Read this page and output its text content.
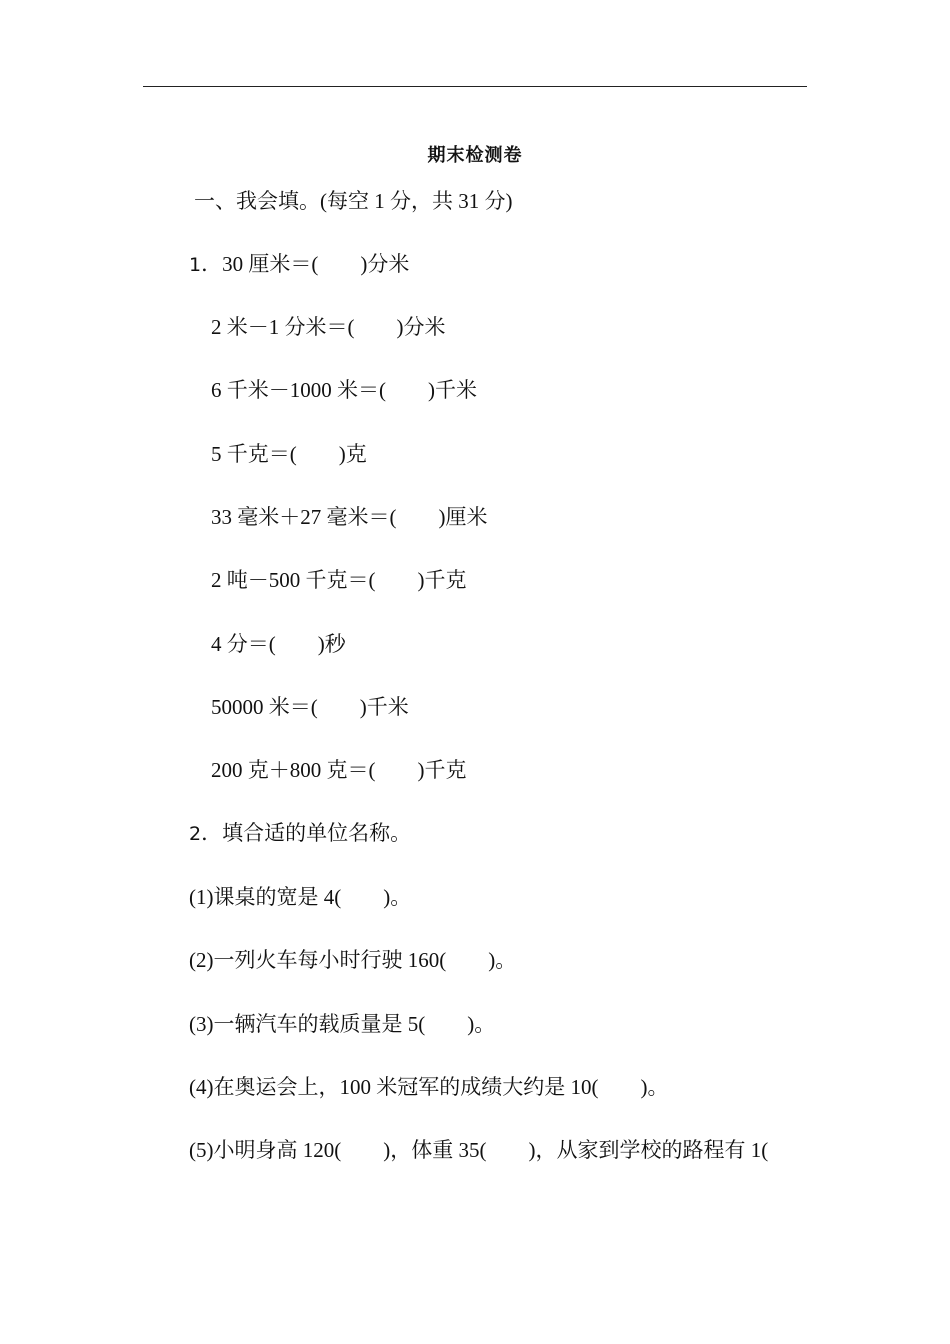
期末检测卷
一、我会填。(每空 1 分，共 31 分)
1．30 厘米＝(　　)分米
2 米－1 分米＝(　　)分米
6 千米－1000 米＝(　　)千米
5 千克＝(　　)克
33 毫米＋27 毫米＝(　　)厘米
2 吨－500 千克＝(　　)千克
4 分＝(　　)秒
50000 米＝(　　)千米
200 克＋800 克＝(　　)千克
2．填合适的单位名称。
(1)课桌的宽是 4(　　)。
(2)一列火车每小时行驶 160(　　)。
(3)一辆汽车的载质量是 5(　　)。
(4)在奥运会上，100 米冠军的成绩大约是 10(　　)。
(5)小明身高 120(　　)，体重 35(　　)，从家到学校的路程有 1(
